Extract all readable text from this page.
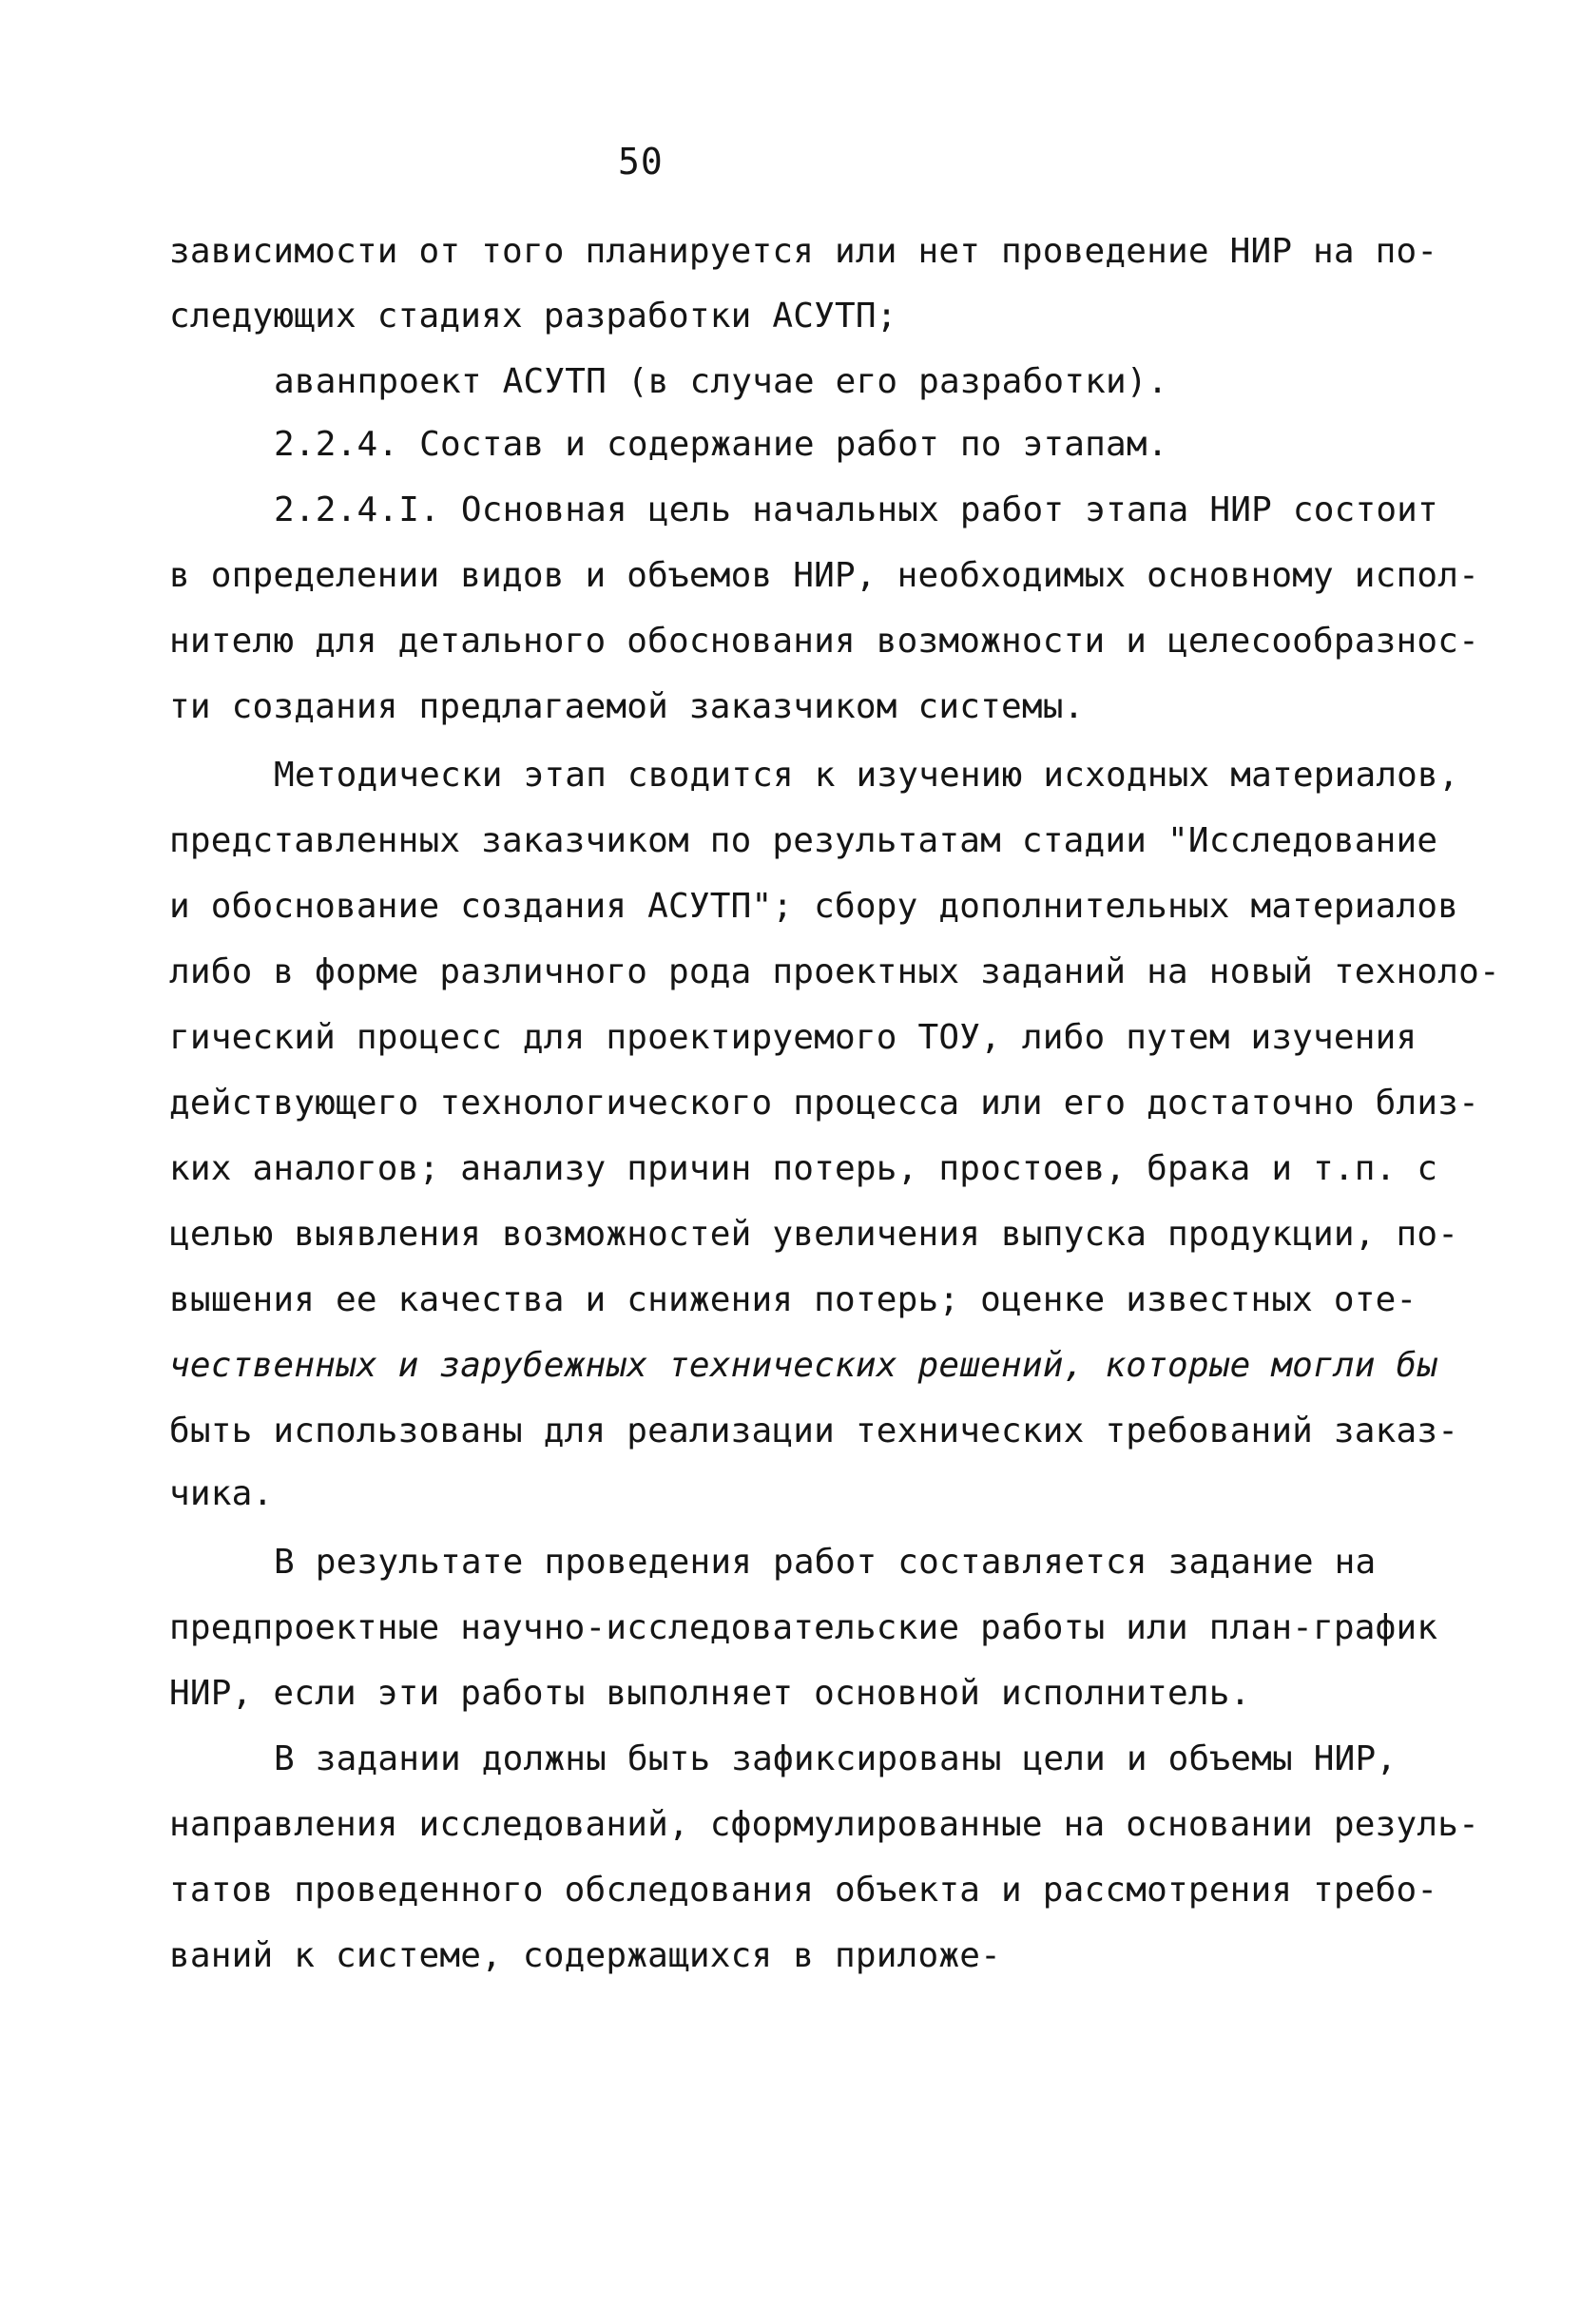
50
зависимости от того планируется или нет проведение НИР на по-
следующих стадиях разработки АСУТП;
аванпроект АСУТП (в случае его разработки).
2.2.4. Состав и содержание работ по этапам.
2.2.4.I. Основная цель начальных работ этапа НИР состоит
в определении видов и объемов НИР, необходимых основному испол-
нителю для детального обоснования возможности и целесообразнос-
ти создания предлагаемой заказчиком системы.
Методически этап сводится к изучению исходных материалов,
представленных заказчиком по результатам стадии "Исследование
и обоснование создания АСУТП"; сбору дополнительных материалов
либо в форме различного рода проектных заданий на новый техноло-
гический процесс для проектируемого ТОУ, либо путем изучения
действующего технологического процесса или его достаточно близ-
ких аналогов; анализу причин потерь, простоев, брака и т.п. с
целью выявления возможностей увеличения выпуска продукции, по-
вышения ее качества и снижения потерь; оценке известных оте-
чественных и зарубежных технических решений, которые могли бы
быть использованы для реализации технических требований заказ-
чика.
В результате проведения работ составляется задание на
предпроектные научно-исследовательские работы или план-график
НИР, если эти работы выполняет основной исполнитель.
В задании должны быть зафиксированы цели и объемы НИР,
направления исследований, сформулированные на основании резуль-
татов проведенного обследования объекта и рассмотрения требо-
ваний к системе, содержащихся в приложе-
